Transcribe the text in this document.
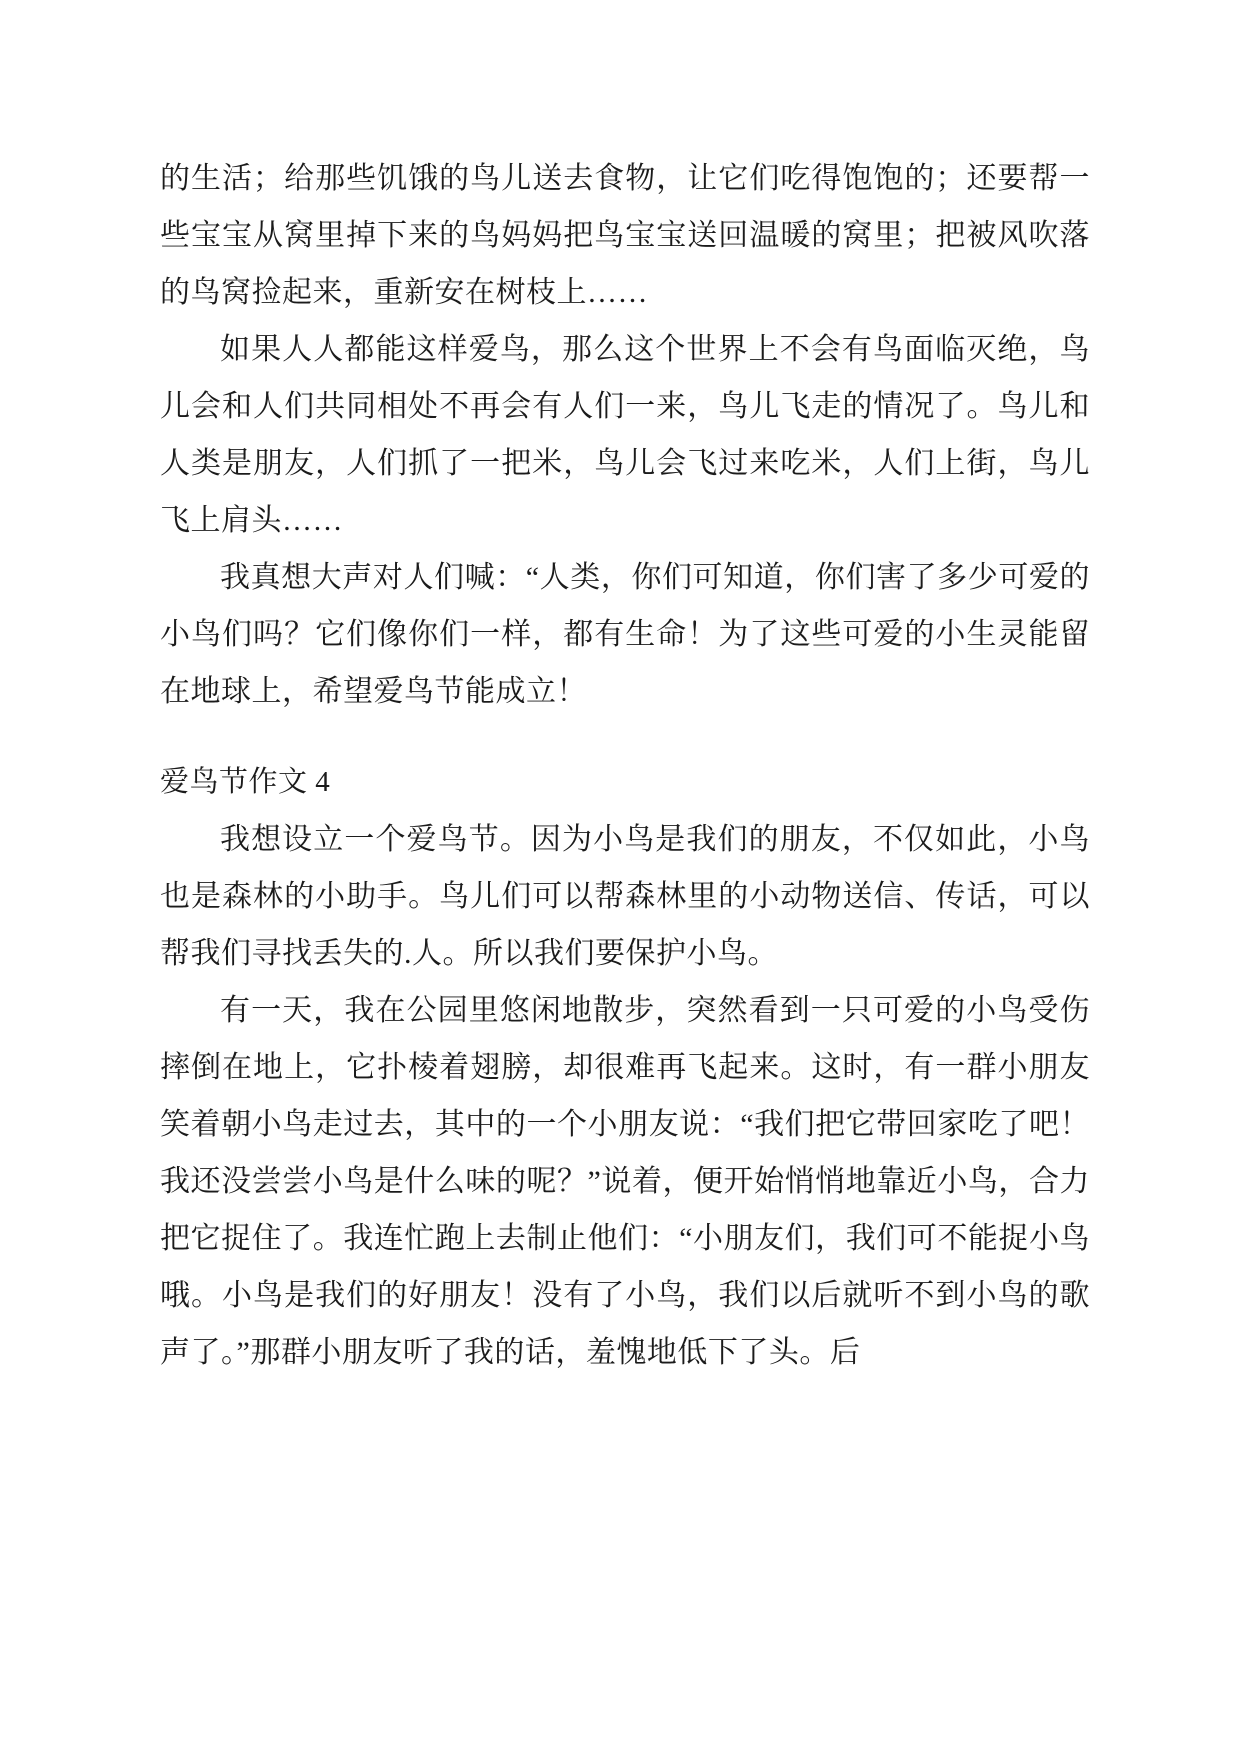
的生活；给那些饥饿的鸟儿送去食物，让它们吃得饱饱的；还要帮一些宝宝从窝里掉下来的鸟妈妈把鸟宝宝送回温暖的窝里；把被风吹落的鸟窝捡起来，重新安在树枝上……

如果人人都能这样爱鸟，那么这个世界上不会有鸟面临灭绝，鸟儿会和人们共同相处不再会有人们一来，鸟儿飞走的情况了。鸟儿和人类是朋友，人们抓了一把米，鸟儿会飞过来吃米，人们上街，鸟儿飞上肩头……

我真想大声对人们喊：“人类，你们可知道，你们害了多少可爱的小鸟们吗？它们像你们一样，都有生命！为了这些可爱的小生灵能留在地球上，希望爱鸟节能成立！

爱鸟节作文 4

我想设立一个爱鸟节。因为小鸟是我们的朋友，不仅如此，小鸟也是森林的小助手。鸟儿们可以帮森林里的小动物送信、传话，可以帮我们寻找丢失的.人。所以我们要保护小鸟。

有一天，我在公园里悠闲地散步，突然看到一只可爱的小鸟受伤摔倒在地上，它扑棱着翅膀，却很难再飞起来。这时，有一群小朋友笑着朝小鸟走过去，其中的一个小朋友说：“我们把它带回家吃了吧！我还没尝尝小鸟是什么味的呢？”说着，便开始悄悄地靠近小鸟，合力把它捉住了。我连忙跑上去制止他们：“小朋友们，我们可不能捉小鸟哦。小鸟是我们的好朋友！没有了小鸟，我们以后就听不到小鸟的歌声了。”那群小朋友听了我的话，羞愧地低下了头。后
